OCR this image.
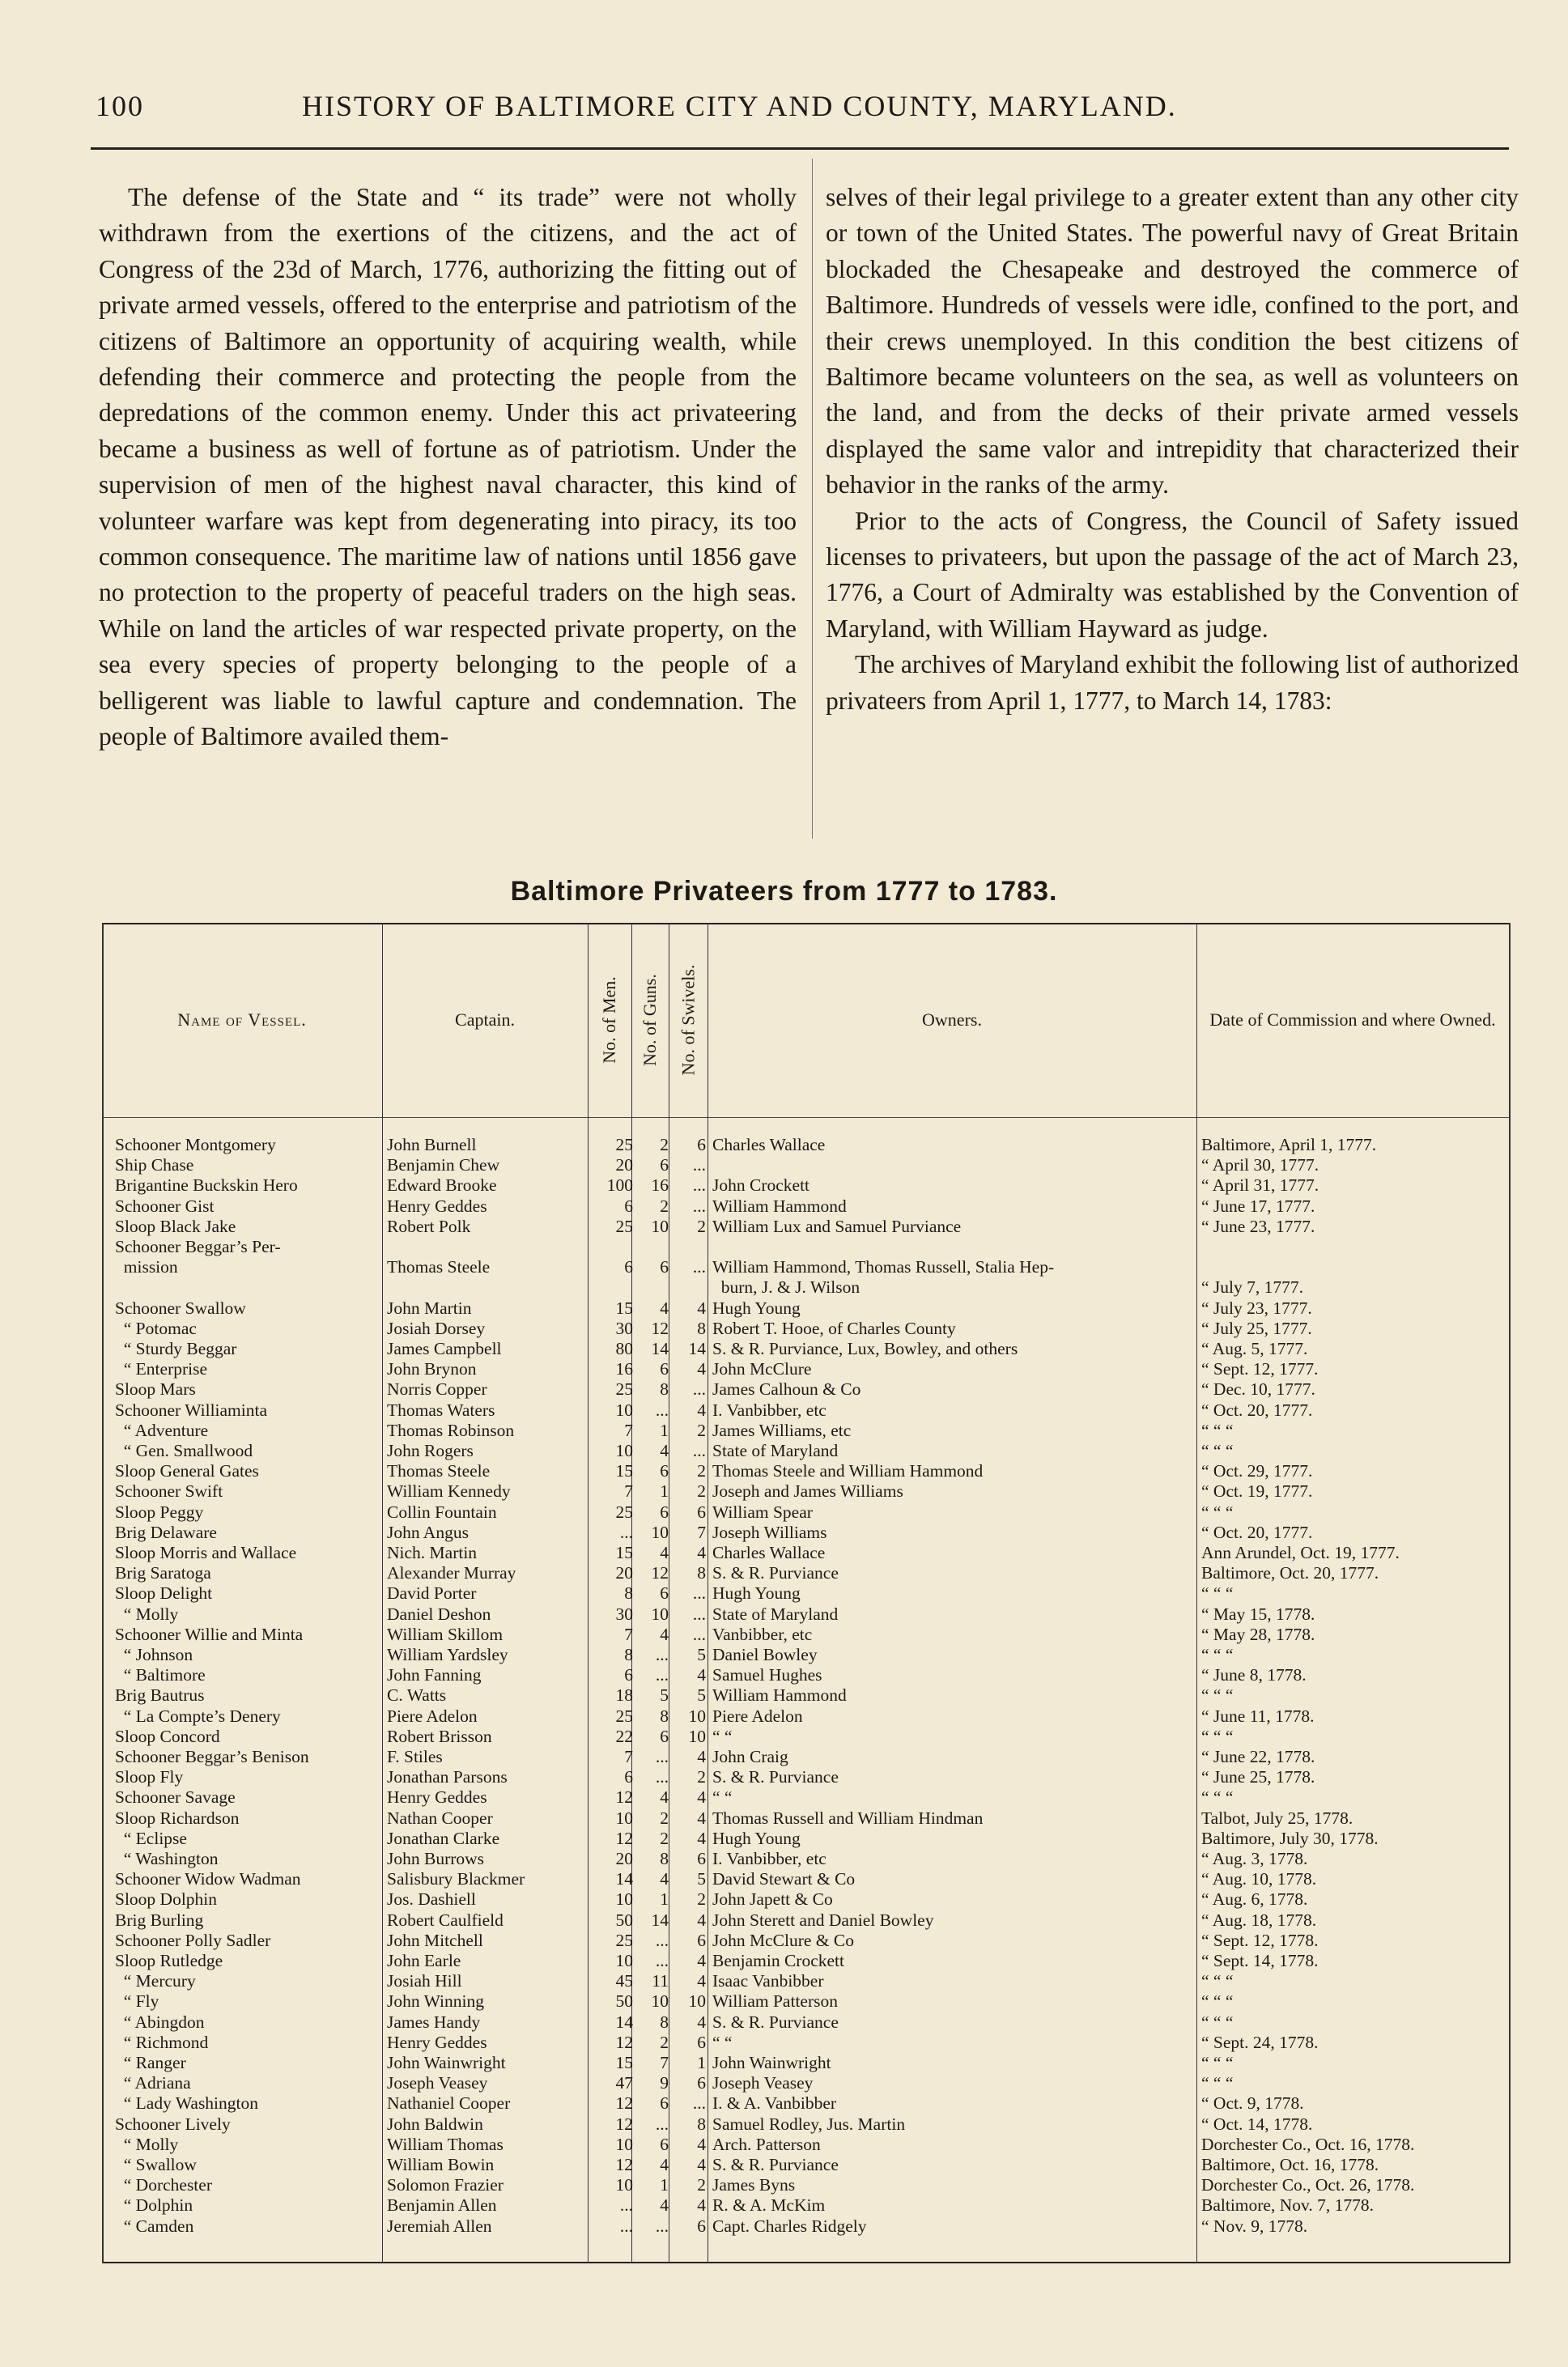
100	HISTORY OF BALTIMORE CITY AND COUNTY, MARYLAND.

The defense of the State and “ its trade” were not wholly withdrawn from the exertions of the citizens, and the act of Congress of the 23d of March, 1776, authorizing the fitting out of private armed vessels, offered to the enterprise and patriotism of the citizens of Baltimore an opportunity of acquiring wealth, while defending their commerce and protecting the people from the depredations of the common enemy. Under this act privateering became a business as well of fortune as of patriotism. Under the supervision of men of the highest naval character, this kind of volunteer warfare was kept from degenerating into piracy, its too common consequence. The maritime law of nations until 1856 gave no protection to the property of peaceful traders on the high seas. While on land the articles of war respected private property, on the sea every species of property belonging to the people of a belligerent was liable to lawful capture and condemnation. The people of Baltimore availed them-

selves of their legal privilege to a greater extent than any other city or town of the United States. The powerful navy of Great Britain blockaded the Chesapeake and destroyed the commerce of Baltimore. Hundreds of vessels were idle, confined to the port, and their crews unemployed. In this condition the best citizens of Baltimore became volunteers on the sea, as well as volunteers on the land, and from the decks of their private armed vessels displayed the same valor and intrepidity that characterized their behavior in the ranks of the army.

Prior to the acts of Congress, the Council of Safety issued licenses to privateers, but upon the passage of the act of March 23, 1776, a Court of Admiralty was established by the Convention of Maryland, with William Hayward as judge.

The archives of Maryland exhibit the following list of authorized privateers from April 1, 1777, to March 14, 1783:

Baltimore Privateers from 1777 to 1783.
Name of Vessel.	Captain.	No. of Men. No. of Guns. No. of Swivels.	Owners.	Date of Commission and where Owned.
Schooner Montgomery	John Burnell	25	2	6 Charles Wallace	Baltimore, April 1, 1777.
Ship Chase	Benjamin Chew	20	6	...	“ April 30, 1777.
Brigantine Buckskin Hero	Edward Brooke	100	16	... John Crockett	“ April 31, 1777.
Schooner Gist	Henry Geddes	6	2	... William Hammond	“ June 17, 1777.
Sloop Black Jake	Robert Polk	25	10	2 William Lux and Samuel Purviance	“ June 23, 1777.
Schooner Beggar’s Per-
mission	Thomas Steele	6	6	... William Hammond, Thomas Russell, Stalia Hep-
burn, J. & J. Wilson	“ July 7, 1777.
Schooner Swallow	John Martin	15	4	4 Hugh Young	“ July 23, 1777.
“ Potomac	Josiah Dorsey	30	12	8 Robert T. Hooe, of Charles County	“ July 25, 1777.
“ Sturdy Beggar	James Campbell	80	14	14 S. & R. Purviance, Lux, Bowley, and others	“ Aug. 5, 1777.
“ Enterprise	John Brynon	16	6	4 John McClure	“ Sept. 12, 1777.
Sloop Mars	Norris Copper	25	8	... James Calhoun & Co	“ Dec. 10, 1777.
Schooner Williaminta	Thomas Waters	10	...	4 I. Vanbibber, etc	“ Oct. 20, 1777.
“ Adventure	Thomas Robinson	7	1	2 James Williams, etc	“ “ “
“ Gen. Smallwood	John Rogers	10	4	... State of Maryland	“ “ “
Sloop General Gates	Thomas Steele	15	6	2 Thomas Steele and William Hammond	“ Oct. 29, 1777.
Schooner Swift	William Kennedy	7	1	2 Joseph and James Williams	“ Oct. 19, 1777.
Sloop Peggy	Collin Fountain	25	6	6 William Spear	“ “ “
Brig Delaware	John Angus	...	10	7 Joseph Williams	“ Oct. 20, 1777.
Sloop Morris and Wallace	Nich. Martin	15	4	4 Charles Wallace	Ann Arundel, Oct. 19, 1777.
Brig Saratoga	Alexander Murray	20	12	8 S. & R. Purviance	Baltimore, Oct. 20, 1777.
Sloop Delight	David Porter	8	6	... Hugh Young	“ “ “
“ Molly	Daniel Deshon	30	10	... State of Maryland	“ May 15, 1778.
Schooner Willie and Minta	William Skillom	7	4	... Vanbibber, etc	“ May 28, 1778.
“ Johnson	William Yardsley	8	...	5 Daniel Bowley	“ “ “
“ Baltimore	John Fanning	6	...	4 Samuel Hughes	“ June 8, 1778.
Brig Bautrus	C. Watts	18	5	5 William Hammond	“ “ “
“ La Compte’s Denery	Piere Adelon	25	8	10 Piere Adelon	“ June 11, 1778.
Sloop Concord	Robert Brisson	22	6	10 “ “	“ “ “
Schooner Beggar’s Benison	F. Stiles	7	...	4 John Craig	“ June 22, 1778.
Sloop Fly	Jonathan Parsons	6	...	2 S. & R. Purviance	“ June 25, 1778.
Schooner Savage	Henry Geddes	12	4	4 “ “	“ “ “
Sloop Richardson	Nathan Cooper	10	2	4 Thomas Russell and William Hindman	Talbot, July 25, 1778.
“ Eclipse	Jonathan Clarke	12	2	4 Hugh Young	Baltimore, July 30, 1778.
“ Washington	John Burrows	20	8	6 I. Vanbibber, etc	“ Aug. 3, 1778.
Schooner Widow Wadman	Salisbury Blackmer	14	4	5 David Stewart & Co	“ Aug. 10, 1778.
Sloop Dolphin	Jos. Dashiell	10	1	2 John Japett & Co	“ Aug. 6, 1778.
Brig Burling	Robert Caulfield	50	14	4 John Sterett and Daniel Bowley	“ Aug. 18, 1778.
Schooner Polly Sadler	John Mitchell	25	...	6 John McClure & Co	“ Sept. 12, 1778.
Sloop Rutledge	John Earle	10	...	4 Benjamin Crockett	“ Sept. 14, 1778.
“ Mercury	Josiah Hill	45	11	4 Isaac Vanbibber	“ “ “
“ Fly	John Winning	50	10	10 William Patterson	“ “ “
“ Abingdon	James Handy	14	8	4 S. & R. Purviance	“ “ “
“ Richmond	Henry Geddes	12	2	6 “ “	“ Sept. 24, 1778.
“ Ranger	John Wainwright	15	7	1 John Wainwright	“ “ “
“ Adriana	Joseph Veasey	47	9	6 Joseph Veasey	“ “ “
“ Lady Washington	Nathaniel Cooper	12	6	... I. & A. Vanbibber	“ Oct. 9, 1778.
Schooner Lively	John Baldwin	12	...	8 Samuel Rodley, Jus. Martin	“ Oct. 14, 1778.
“ Molly	William Thomas	10	6	4 Arch. Patterson	Dorchester Co., Oct. 16, 1778.
“ Swallow	William Bowin	12	4	4 S. & R. Purviance	Baltimore, Oct. 16, 1778.
“ Dorchester	Solomon Frazier	10	1	2 James Byns	Dorchester Co., Oct. 26, 1778.
“ Dolphin	Benjamin Allen	...	4	4 R. & A. McKim	Baltimore, Nov. 7, 1778.
“ Camden	Jeremiah Allen	...	...	6 Capt. Charles Ridgely	“ Nov. 9, 1778.
